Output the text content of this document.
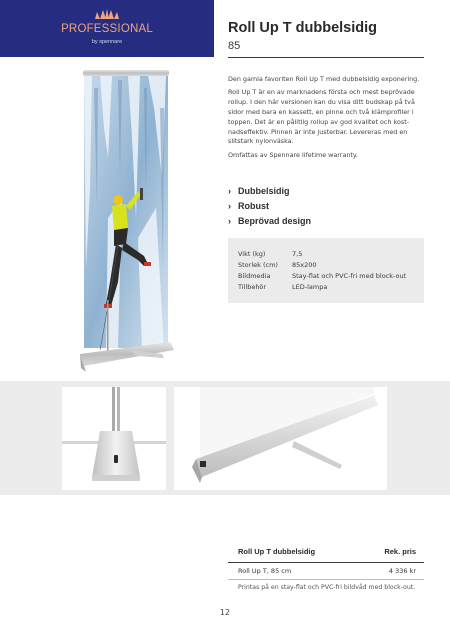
PROFESSIONAL
by spennare
Roll Up T dubbelsidig
85

Den gamla favoriten Roll Up T med dubbelsidig exponering.

Roll Up T är en av marknadens första och mest beprövade rollup. I den här versionen kan du visa ditt budskap på två sidor med bara en kassett, en pinne och två klämprofiler i toppen. Det är en pålitlig rollup av god kvalitet och kost-nadseffektiv. Pinnen är inte justerbar. Levereras med en slitstark nylonväska.

Omfattas av Spennare lifetime warranty.

› Dubbelsidig
› Robust
› Beprövad design
Vikt (kg)	7,5
Storlek (cm) 85x200
Bildmedia	Stay-flat och PVC-fri med block-out
Tillbehör	LED-lampa
Roll Up T dubbelsidig	Rek. pris
Roll Up T, 85 cm	4 336 kr
Printas på en stay-flat och PVC-fri bildvåd med block-out.
12
